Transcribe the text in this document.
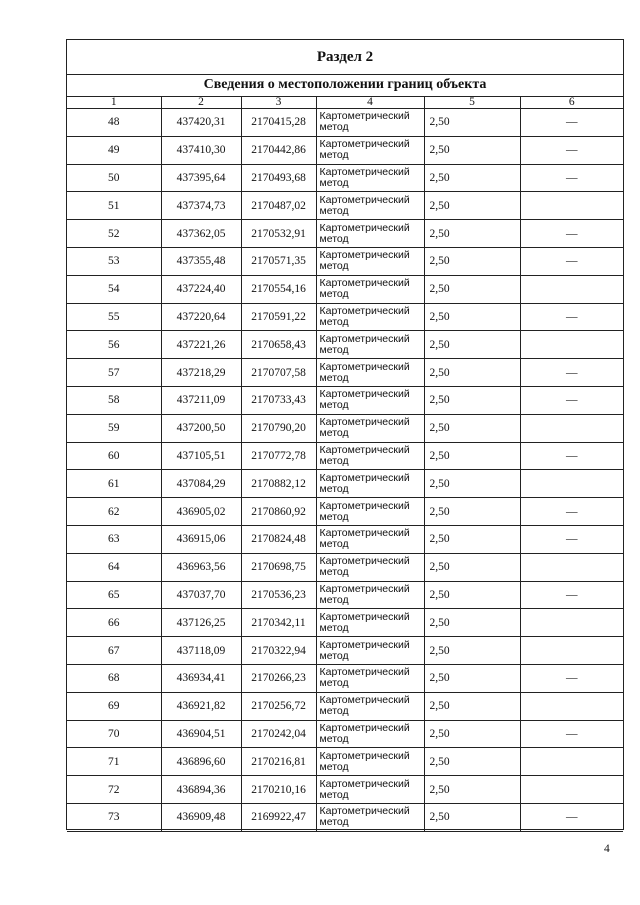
Раздел 2
Сведения о местоположении границ объекта
1	2	3	4	5	6
48	437420,31	2170415,28	Картометрический метод	2,50	—
49	437410,30	2170442,86	Картометрический метод	2,50	—
50	437395,64	2170493,68	Картометрический метод	2,50	—
51	437374,73	2170487,02	Картометрический метод	2,50	
52	437362,05	2170532,91	Картометрический метод	2,50	—
53	437355,48	2170571,35	Картометрический метод	2,50	—
54	437224,40	2170554,16	Картометрический метод	2,50	
55	437220,64	2170591,22	Картометрический метод	2,50	—
56	437221,26	2170658,43	Картометрический метод	2,50	
57	437218,29	2170707,58	Картометрический метод	2,50	—
58	437211,09	2170733,43	Картометрический метод	2,50	—
59	437200,50	2170790,20	Картометрический метод	2,50	
60	437105,51	2170772,78	Картометрический метод	2,50	—
61	437084,29	2170882,12	Картометрический метод	2,50	
62	436905,02	2170860,92	Картометрический метод	2,50	—
63	436915,06	2170824,48	Картометрический метод	2,50	—
64	436963,56	2170698,75	Картометрический метод	2,50	
65	437037,70	2170536,23	Картометрический метод	2,50	—
66	437126,25	2170342,11	Картометрический метод	2,50	
67	437118,09	2170322,94	Картометрический метод	2,50	
68	436934,41	2170266,23	Картометрический метод	2,50	—
69	436921,82	2170256,72	Картометрический метод	2,50	
70	436904,51	2170242,04	Картометрический метод	2,50	—
71	436896,60	2170216,81	Картометрический метод	2,50	
72	436894,36	2170210,16	Картометрический метод	2,50	
73	436909,48	2169922,47	Картометрический метод	2,50	—
4
